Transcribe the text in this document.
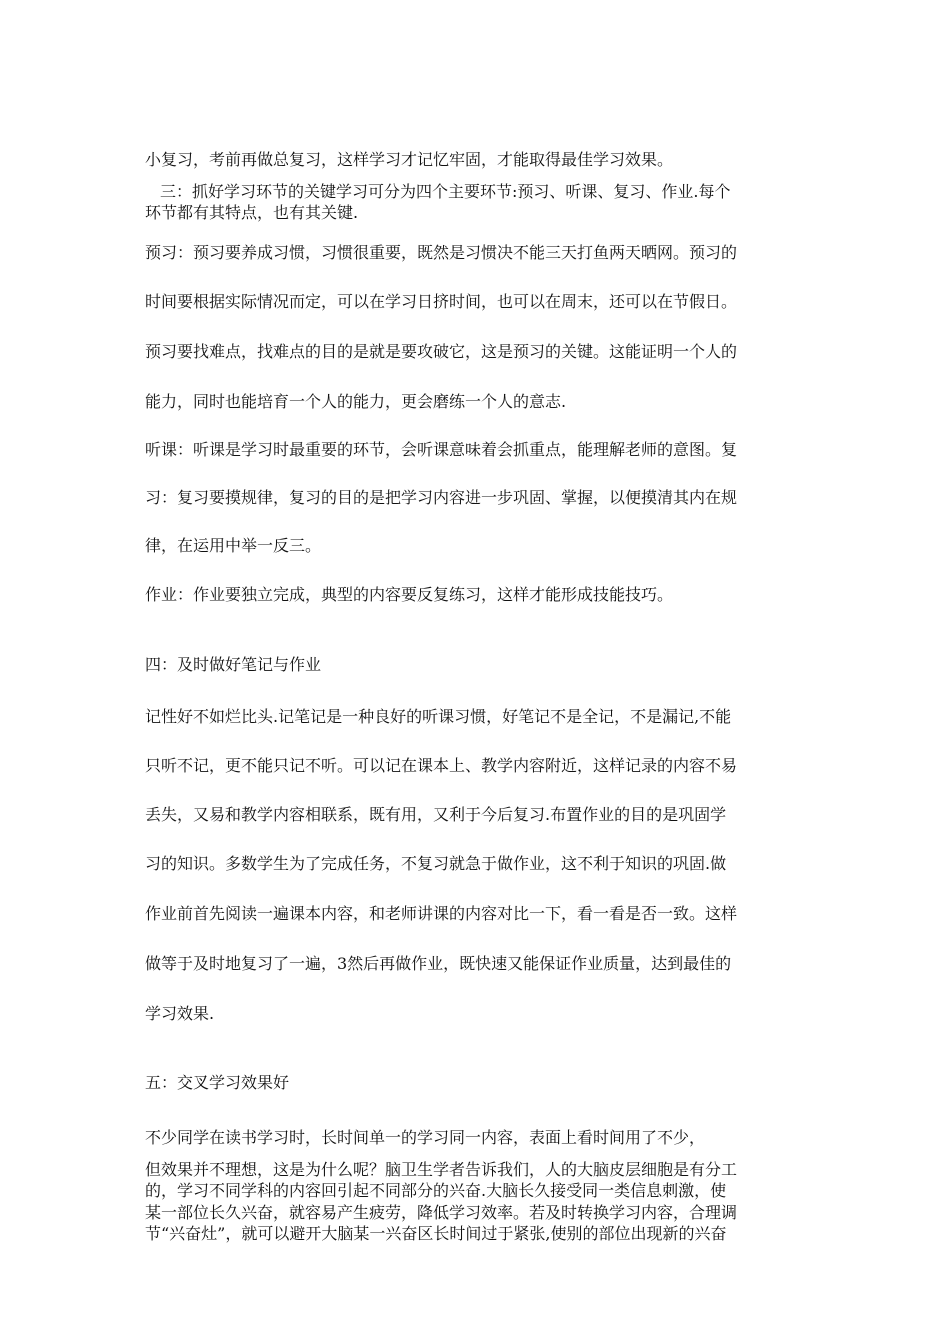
小复习，考前再做总复习，这样学习才记忆牢固，才能取得最佳学习效果。
三：抓好学习环节的关键学习可分为四个主要环节:预习、听课、复习、作业.每个
环节都有其特点，也有其关键.
预习：预习要养成习惯，习惯很重要，既然是习惯决不能三天打鱼两天晒网。预习的
时间要根据实际情况而定，可以在学习日挤时间，也可以在周末，还可以在节假日。
预习要找难点，找难点的目的是就是要攻破它，这是预习的关键。这能证明一个人的
能力，同时也能培育一个人的能力，更会磨练一个人的意志.
听课：听课是学习时最重要的环节，会听课意味着会抓重点，能理解老师的意图。复
习：复习要摸规律，复习的目的是把学习内容进一步巩固、掌握，以便摸清其内在规
律，在运用中举一反三。
作业：作业要独立完成，典型的内容要反复练习，这样才能形成技能技巧。
四：及时做好笔记与作业
记性好不如烂比头.记笔记是一种良好的听课习惯，好笔记不是全记，不是漏记,不能
只听不记，更不能只记不听。可以记在课本上、教学内容附近，这样记录的内容不易
丢失，又易和教学内容相联系，既有用，又利于今后复习.布置作业的目的是巩固学
习的知识。多数学生为了完成任务，不复习就急于做作业，这不利于知识的巩固.做
作业前首先阅读一遍课本内容，和老师讲课的内容对比一下，看一看是否一致。这样
做等于及时地复习了一遍，3然后再做作业，既快速又能保证作业质量，达到最佳的
学习效果.
五：交叉学习效果好
不少同学在读书学习时，长时间单一的学习同一内容，表面上看时间用了不少，
但效果并不理想，这是为什么呢？脑卫生学者告诉我们，人的大脑皮层细胞是有分工
的，学习不同学科的内容回引起不同部分的兴奋.大脑长久接受同一类信息刺激，使
某一部位长久兴奋，就容易产生疲劳，降低学习效率。若及时转换学习内容，合理调
节“兴奋灶”，就可以避开大脑某一兴奋区长时间过于紧张,使别的部位出现新的兴奋
